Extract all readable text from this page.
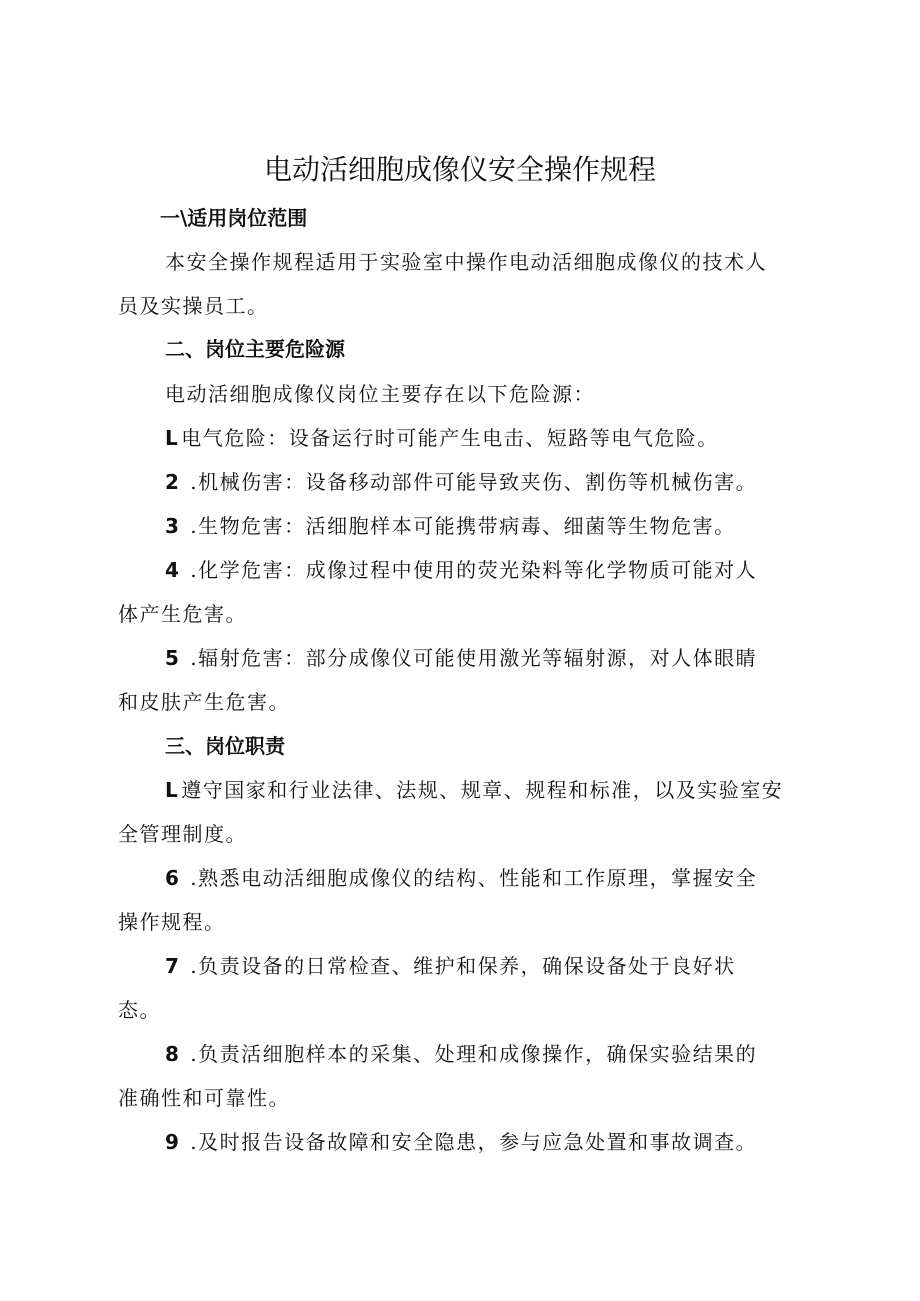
电动活细胞成像仪安全操作规程
一\适用岗位范围
本安全操作规程适用于实验室中操作电动活细胞成像仪的技术人
员及实操员工。
二、岗位主要危险源
电动活细胞成像仪岗位主要存在以下危险源：
L 电气危险：设备运行时可能产生电击、短路等电气危险。
2 .机械伤害：设备移动部件可能导致夹伤、割伤等机械伤害。
3 .生物危害：活细胞样本可能携带病毒、细菌等生物危害。
4 .化学危害：成像过程中使用的荧光染料等化学物质可能对人
体产生危害。
5 .辐射危害：部分成像仪可能使用激光等辐射源，对人体眼睛
和皮肤产生危害。
三、岗位职责
L 遵守国家和行业法律、法规、规章、规程和标准，以及实验室安
全管理制度。
6 .熟悉电动活细胞成像仪的结构、性能和工作原理，掌握安全
操作规程。
7 .负责设备的日常检查、维护和保养，确保设备处于良好状
态。
8 .负责活细胞样本的采集、处理和成像操作，确保实验结果的
准确性和可靠性。
9 .及时报告设备故障和安全隐患，参与应急处置和事故调查。
